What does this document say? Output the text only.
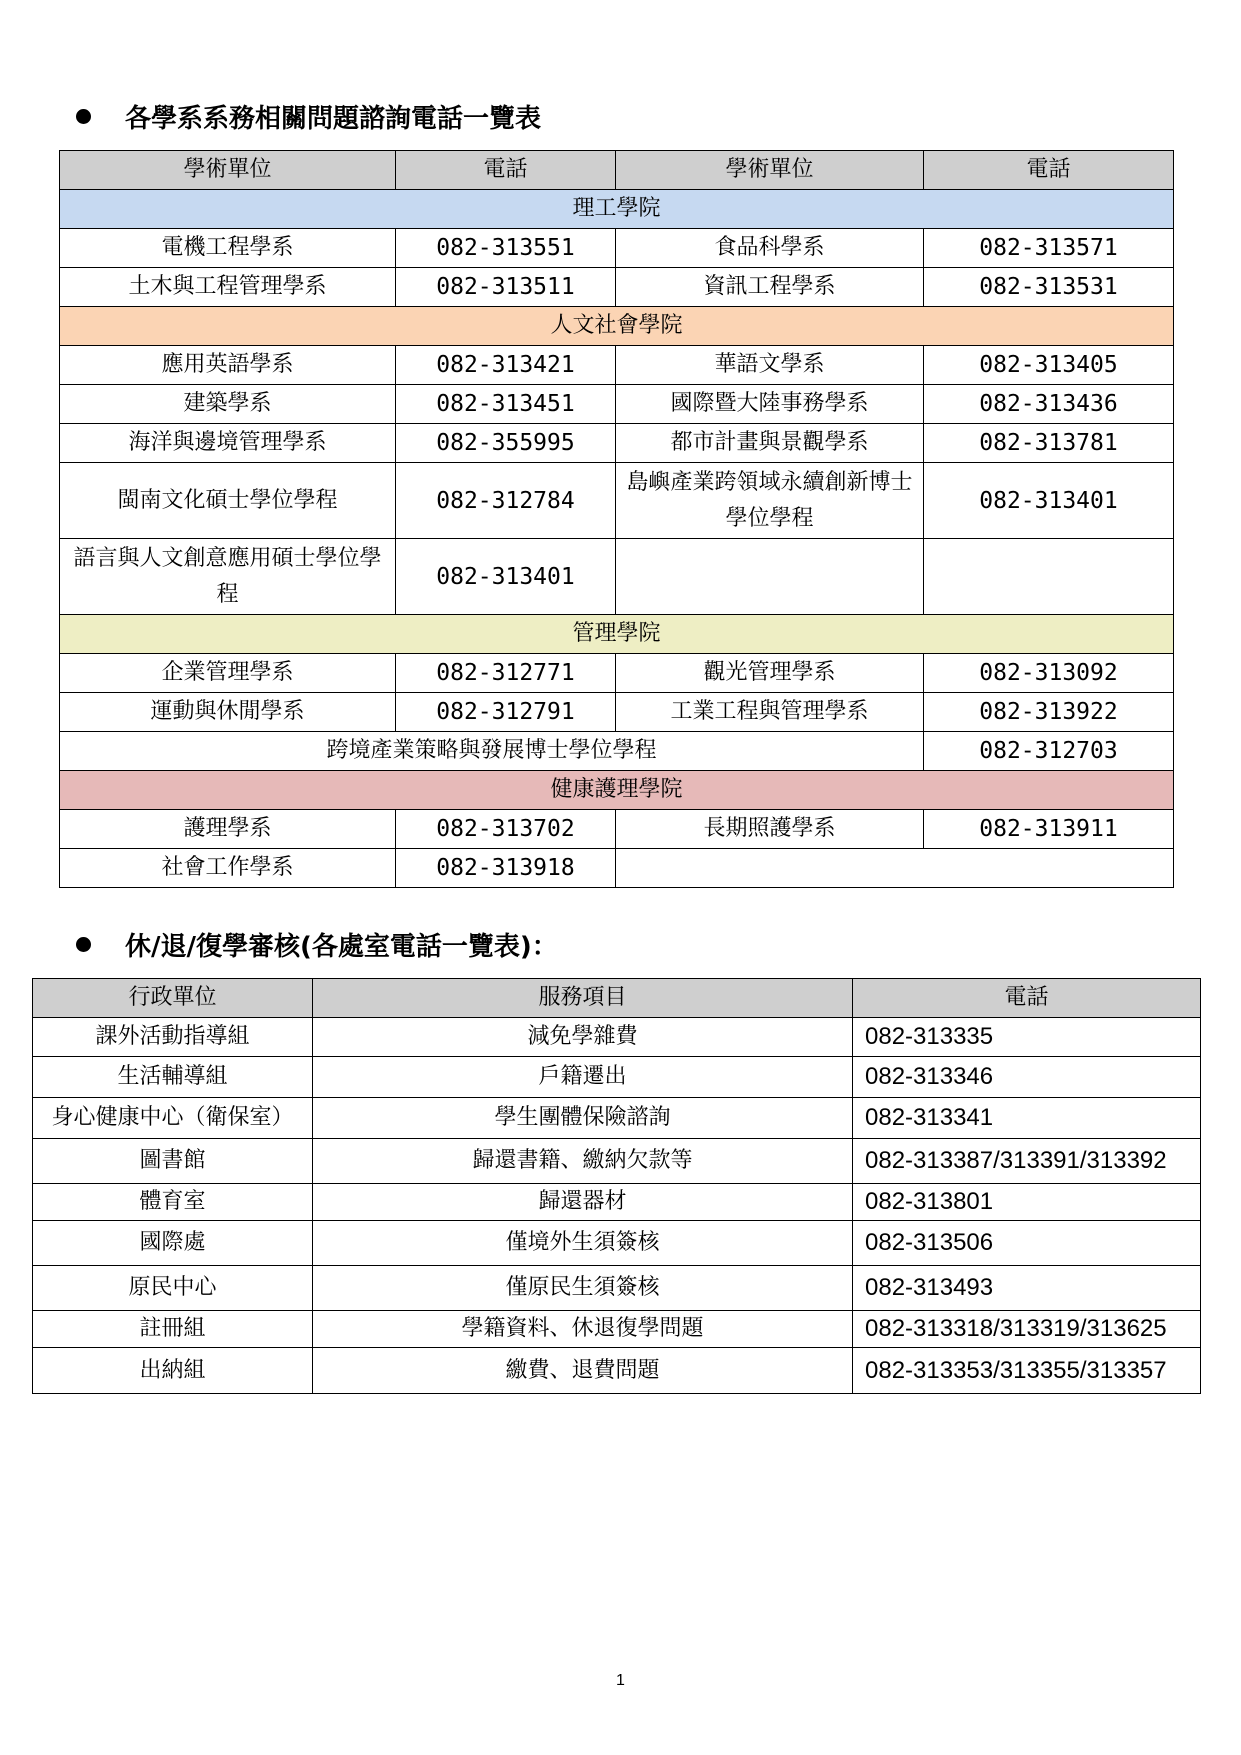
各學系系務相關問題諮詢電話一覽表
學術單位	電話	學術單位	電話
理工學院			
電機工程學系	082-313551	食品科學系	082-313571
土木與工程管理學系	082-313511	資訊工程學系	082-313531
人文社會學院			
應用英語學系	082-313421	華語文學系	082-313405
建築學系	082-313451	國際暨大陸事務學系	082-313436
海洋與邊境管理學系	082-355995	都市計畫與景觀學系	082-313781
閩南文化碩士學位學程	082-312784	島嶼產業跨領域永續創新博士學位學程	082-313401
語言與人文創意應用碩士學位學程	082-313401		
管理學院			
企業管理學系	082-312771	觀光管理學系	082-313092
運動與休閒學系	082-312791	工業工程與管理學系	082-313922
跨境產業策略與發展博士學位學程			082-312703
健康護理學院			
護理學系	082-313702	長期照護學系	082-313911
社會工作學系	082-313918		
休/退/復學審核(各處室電話一覽表)：
行政單位	服務項目	電話
課外活動指導組	減免學雜費	082-313335
生活輔導組	戶籍遷出	082-313346
身心健康中心（衛保室）	學生團體保險諮詢	082-313341
圖書館	歸還書籍、繳納欠款等	082-313387/313391/313392
體育室	歸還器材	082-313801
國際處	僅境外生須簽核	082-313506
原民中心	僅原民生須簽核	082-313493
註冊組	學籍資料、休退復學問題	082-313318/313319/313625
出納組	繳費、退費問題	082-313353/313355/313357
1
